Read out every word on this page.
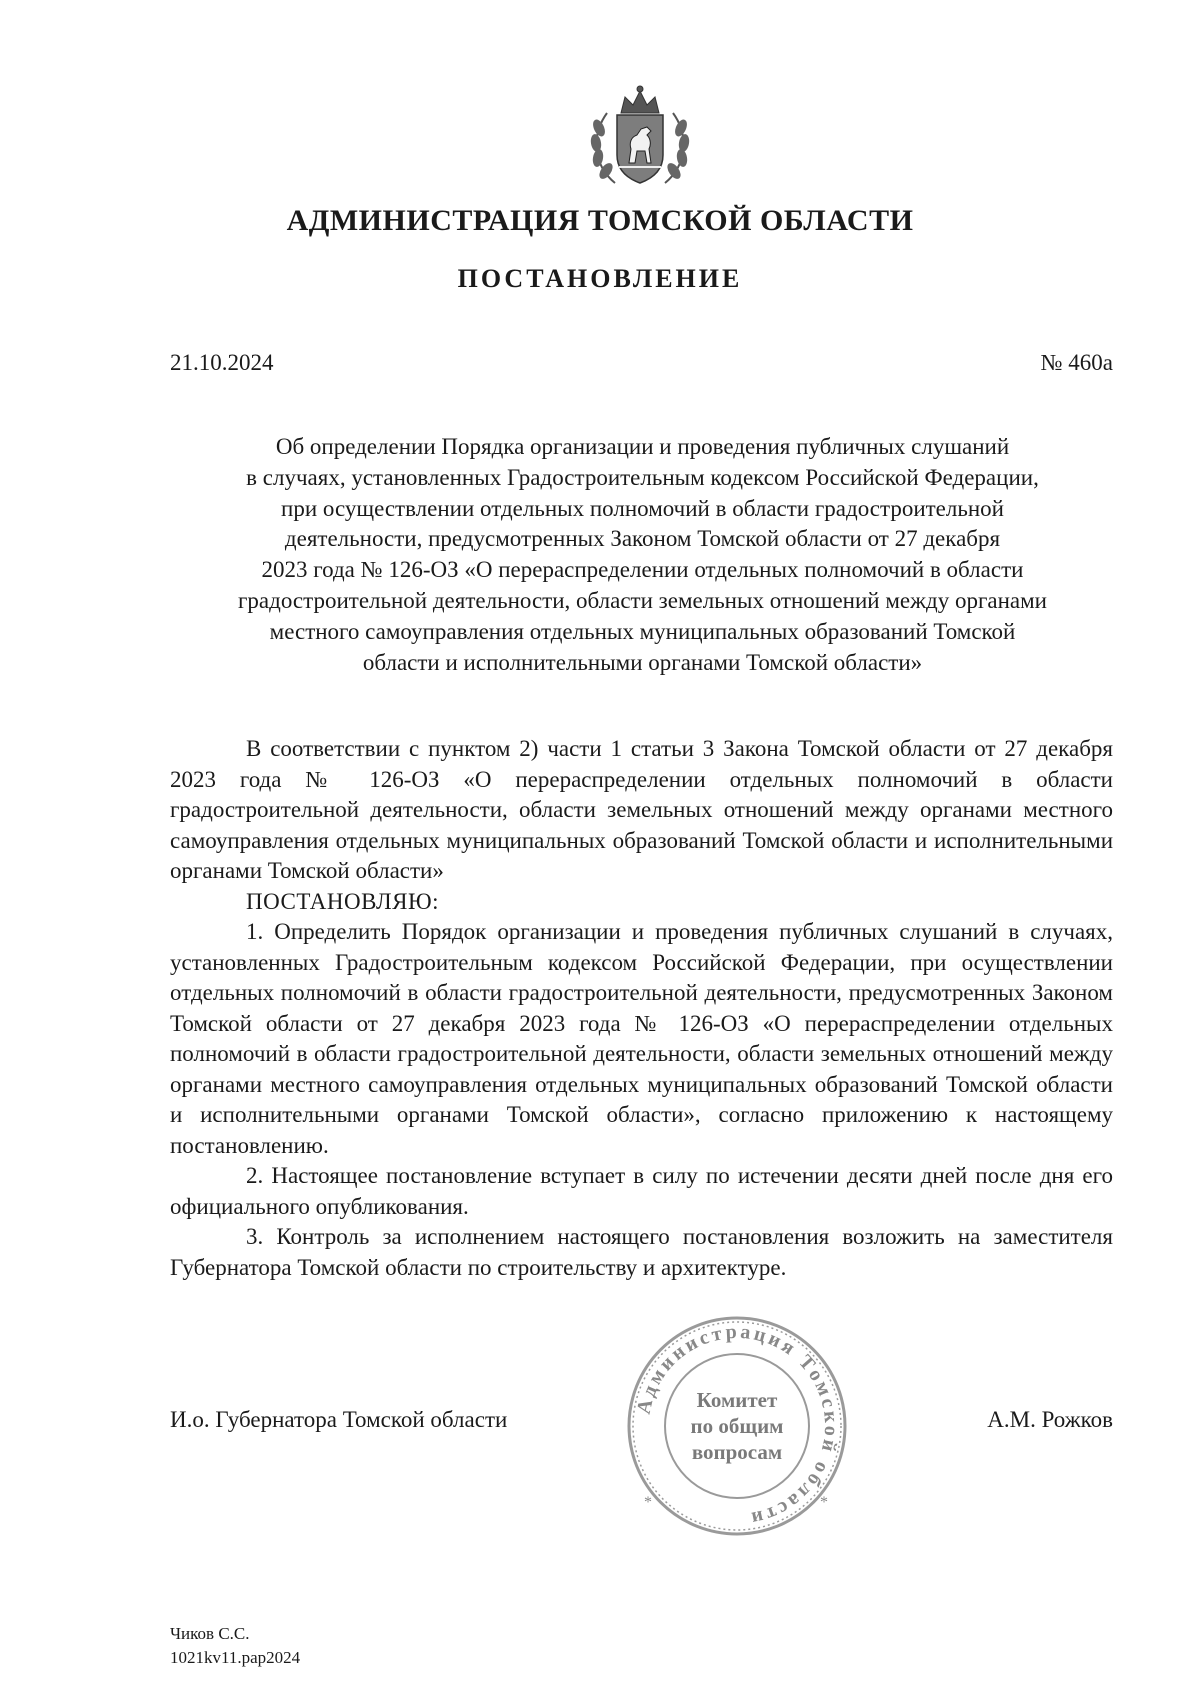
АДМИНИСТРАЦИЯ ТОМСКОЙ ОБЛАСТИ
ПОСТАНОВЛЕНИЕ
21.10.2024	№ 460а
Об определении Порядка организации и проведения публичных слушаний
в случаях, установленных Градостроительным кодексом Российской Федерации,
при осуществлении отдельных полномочий в области градостроительной
деятельности, предусмотренных Законом Томской области от 27 декабря
2023 года № 126-ОЗ «О перераспределении отдельных полномочий в области
градостроительной деятельности, области земельных отношений между органами
местного самоуправления отдельных муниципальных образований Томской
области и исполнительными органами Томской области»

В соответствии с пунктом 2) части 1 статьи 3 Закона Томской области от 27 декабря 2023 года № 126-ОЗ «О перераспределении отдельных полномочий в области градостроительной деятельности, области земельных отношений между органами местного самоуправления отдельных муниципальных образований Томской области и исполнительными органами Томской области»

ПОСТАНОВЛЯЮ:

1. Определить Порядок организации и проведения публичных слушаний в случаях, установленных Градостроительным кодексом Российской Федерации, при осуществлении отдельных полномочий в области градостроительной деятельности, предусмотренных Законом Томской области от 27 декабря 2023 года № 126-ОЗ «О перераспределении отдельных полномочий в области градостроительной деятельности, области земельных отношений между органами местного самоуправления отдельных муниципальных образований Томской области и исполнительными органами Томской области», согласно приложению к настоящему постановлению.

2. Настоящее постановление вступает в силу по истечении десяти дней после дня его официального опубликования.

3. Контроль за исполнением настоящего постановления возложить на заместителя Губернатора Томской области по строительству и архитектуре.

Администрация Томской области
*	*
Комитет
по общим
вопросам
И.о. Губернатора Томской области	А.М. Рожков
Чиков С.С.
1021kv11.pap2024
